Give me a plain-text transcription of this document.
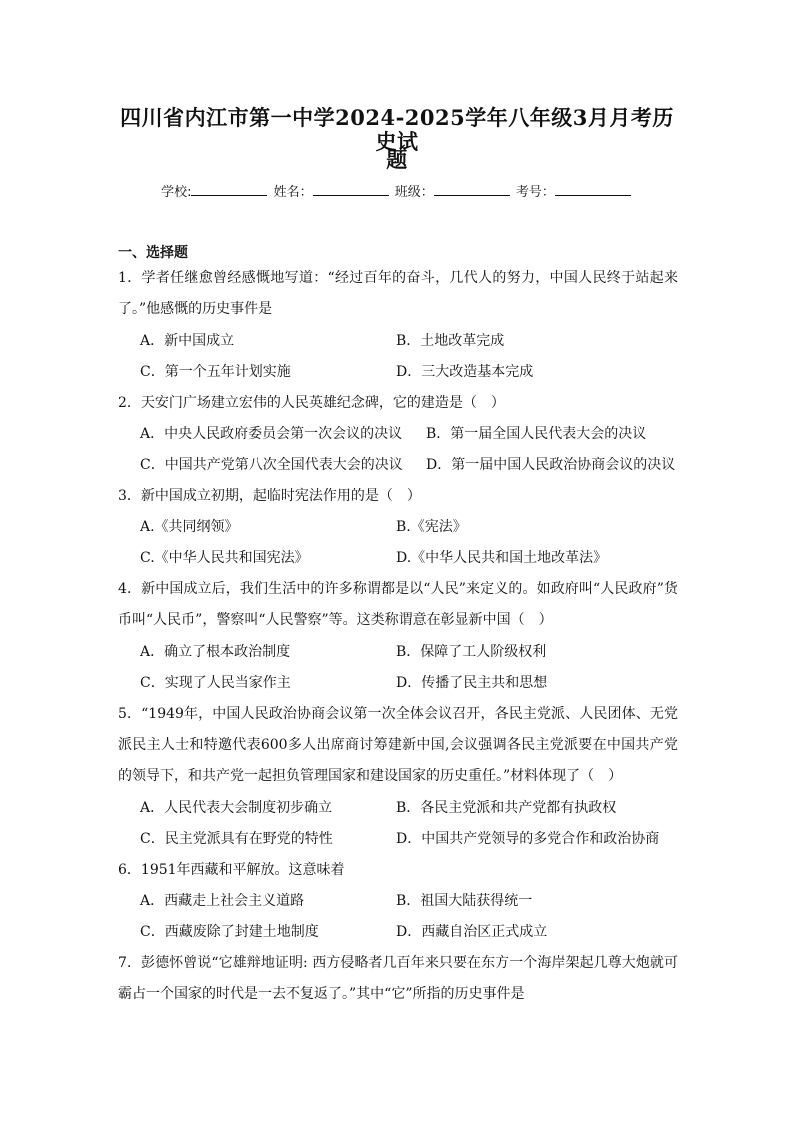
四川省内江市第一中学2024-2025学年八年级3月月考历史试
题
学校:	姓名：	班级：	考号：
一、选择题
1．学者任继愈曾经感慨地写道：“经过百年的奋斗，几代人的努力，中国人民终于站起来了。”他感慨的历史事件是
A．新中国成立	B．土地改革完成
C．第一个五年计划实施	D．三大改造基本完成
2．天安门广场建立宏伟的人民英雄纪念碑，它的建造是（　）
A．中央人民政府委员会第一次会议的决议 B．第一届全国人民代表大会的决议
C．中国共产党第八次全国代表大会的决议 D．第一届中国人民政治协商会议的决议
3．新中国成立初期，起临时宪法作用的是（　）
A.《共同纲领》	B.《宪法》
C.《中华人民共和国宪法》	D.《中华人民共和国土地改革法》
4．新中国成立后，我们生活中的许多称谓都是以“人民”来定义的。如政府叫“人民政府”货币叫“人民币”，警察叫“人民警察”等。这类称谓意在彰显新中国（　）
A．确立了根本政治制度	B．保障了工人阶级权利
C．实现了人民当家作主	D．传播了民主共和思想
5．“1949年，中国人民政治协商会议第一次全体会议召开，各民主党派、人民团体、无党派民主人士和特邀代表600多人出席商讨筹建新中国,会议强调各民主党派要在中国共产党的领导下，和共产党一起担负管理国家和建设国家的历史重任。”材料体现了（　）
A．人民代表大会制度初步确立	B．各民主党派和共产党都有执政权
C．民主党派具有在野党的特性	D．中国共产党领导的多党合作和政治协商
6．1951年西藏和平解放。这意味着
A．西藏走上社会主义道路	B．祖国大陆获得统一
C．西藏废除了封建土地制度	D．西藏自治区正式成立
7．彭德怀曾说“它雄辩地证明: 西方侵略者几百年来只要在东方一个海岸架起几尊大炮就可霸占一个国家的时代是一去不复返了。”其中“它”所指的历史事件是
